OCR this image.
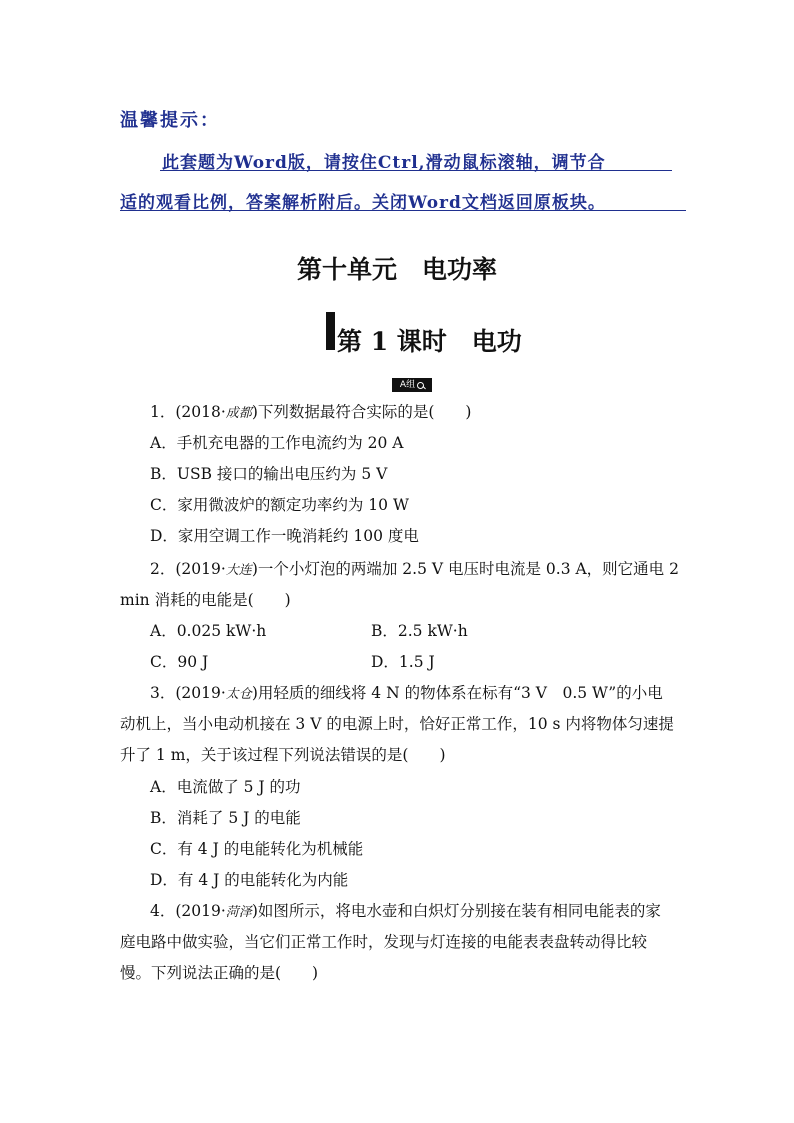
温馨提示：
此套题为Word版，请按住Ctrl,滑动鼠标滚轴，调节合
适的观看比例，答案解析附后。关闭Word文档返回原板块。
第十单元　电功率
第 1 课时　电功
A组
1．(2018·成都)下列数据最符合实际的是(　　)
A．手机充电器的工作电流约为 20 A
B．USB 接口的输出电压约为 5 V
C．家用微波炉的额定功率约为 10 W
D．家用空调工作一晚消耗约 100 度电
2．(2019·大连)一个小灯泡的两端加 2.5 V 电压时电流是 0.3 A，则它通电 2
min 消耗的电能是(　　)
A．0.025 kW·h	B．2.5 kW·h
C．90 J	D．1.5 J
3．(2019·太仓)用轻质的细线将 4 N 的物体系在标有“3 V　0.5 W”的小电
动机上，当小电动机接在 3 V 的电源上时，恰好正常工作，10 s 内将物体匀速提
升了 1 m，关于该过程下列说法错误的是(　　)
A．电流做了 5 J 的功
B．消耗了 5 J 的电能
C．有 4 J 的电能转化为机械能
D．有 4 J 的电能转化为内能
4．(2019·菏泽)如图所示，将电水壶和白炽灯分别接在装有相同电能表的家
庭电路中做实验，当它们正常工作时，发现与灯连接的电能表表盘转动得比较
慢。下列说法正确的是(　　)
